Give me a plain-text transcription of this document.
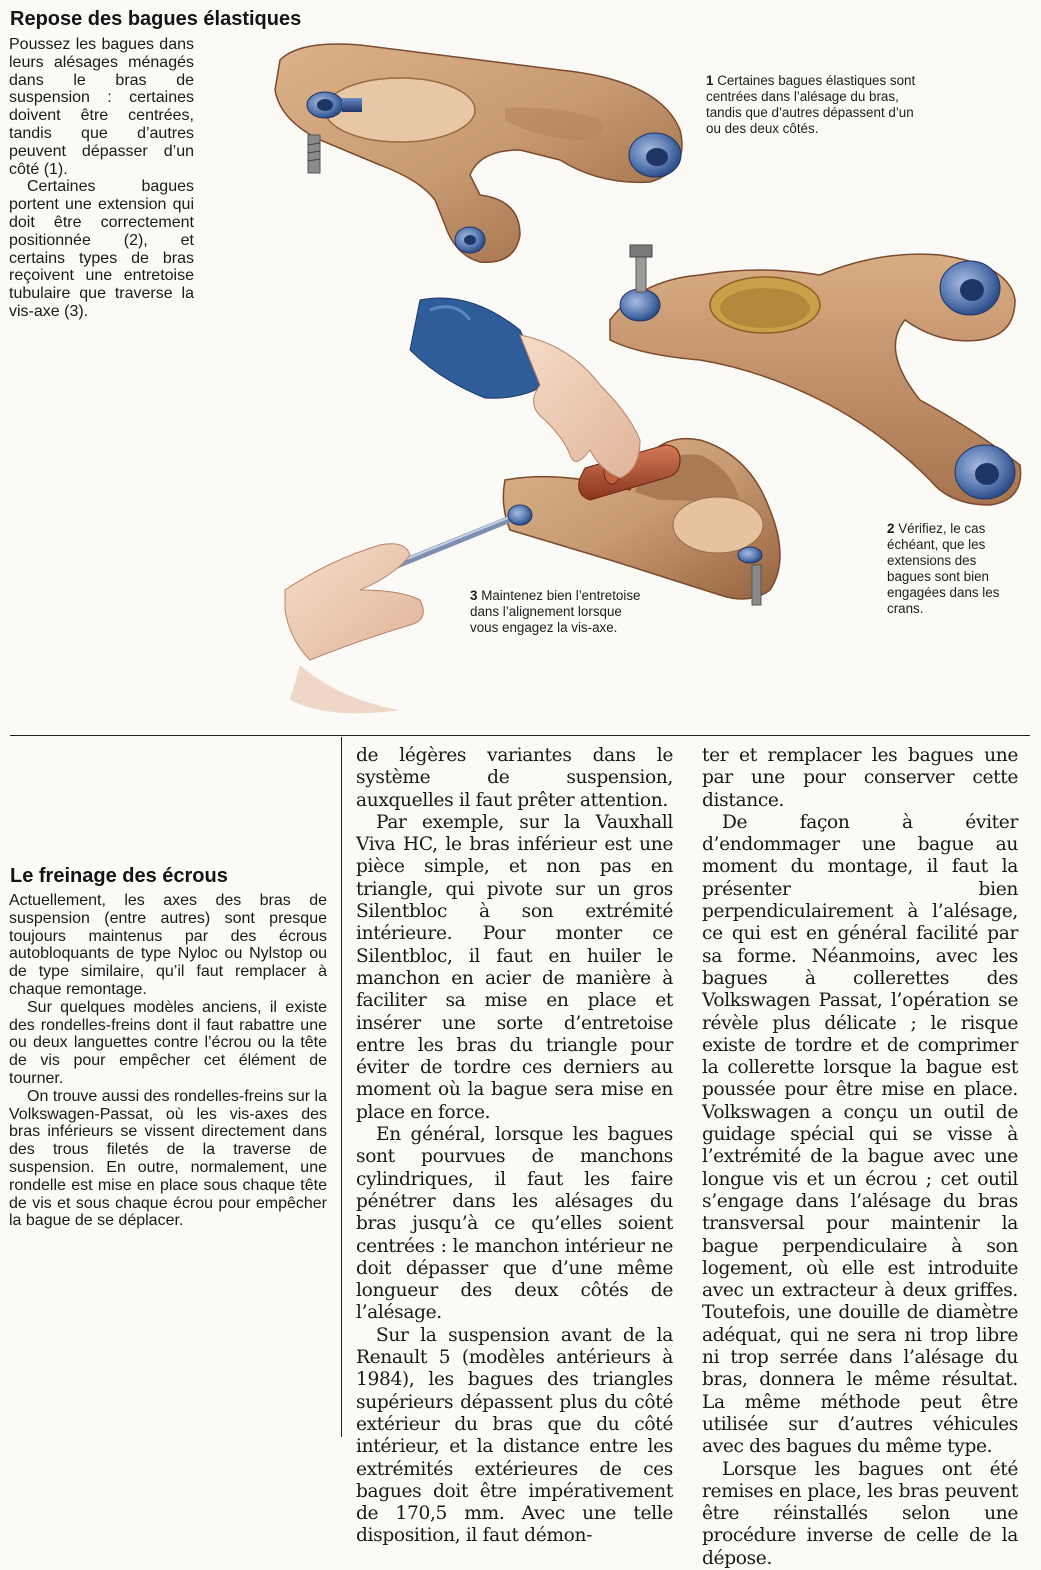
Repose des bagues élastiques

Poussez les bagues dans leurs alésages ménagés dans le bras de suspension : certaines doivent être centrées, tandis que d’autres peuvent dépasser d’un côté (1).

Certaines bagues portent une extension qui doit être correctement positionnée (2), et certains types de bras reçoivent une entretoise tubulaire que traverse la vis-axe (3).

1 Certaines bagues élastiques sont centrées dans l’alésage du bras, tandis que d’autres dépassent d’un ou des deux côtés.
2 Vérifiez, le cas échéant, que les extensions des bagues sont bien engagées dans les crans.
3 Maintenez bien l’entretoise dans l’alignement lorsque vous engagez la vis-axe.
Le freinage des écrous

Actuellement, les axes des bras de suspension (entre autres) sont presque toujours maintenus par des écrous autobloquants de type Nyloc ou Nylstop ou de type similaire, qu’il faut remplacer à chaque remontage.

Sur quelques modèles anciens, il existe des rondelles-freins dont il faut rabattre une ou deux languettes contre l’écrou ou la tête de vis pour empêcher cet élément de tourner.

On trouve aussi des rondelles-freins sur la Volkswagen-Passat, où les vis-axes des bras inférieurs se vissent directement dans des trous filetés de la traverse de suspension. En outre, normalement, une rondelle est mise en place sous chaque tête de vis et sous chaque écrou pour empêcher la bague de se déplacer.

de légères variantes dans le système de suspension, auxquelles il faut prêter attention.

Par exemple, sur la Vauxhall Viva HC, le bras inférieur est une pièce simple, et non pas en triangle, qui pivote sur un gros Silentbloc à son extrémité intérieure. Pour monter ce Silentbloc, il faut en huiler le manchon en acier de manière à faciliter sa mise en place et insérer une sorte d’entretoise entre les bras du triangle pour éviter de tordre ces derniers au moment où la bague sera mise en place en force.

En général, lorsque les bagues sont pourvues de manchons cylindriques, il faut les faire pénétrer dans les alésages du bras jusqu’à ce qu’elles soient centrées : le manchon intérieur ne doit dépasser que d’une même longueur des deux côtés de l’alésage.

Sur la suspension avant de la Renault 5 (modèles antérieurs à 1984), les bagues des triangles supérieurs dépassent plus du côté extérieur du bras que du côté intérieur, et la distance entre les extrémités extérieures de ces bagues doit être impérativement de 170,5 mm. Avec une telle disposition, il faut démon-

ter et remplacer les bagues une par une pour conserver cette distance.

De façon à éviter d’endommager une bague au moment du montage, il faut la présenter bien perpendiculairement à l’alésage, ce qui est en général facilité par sa forme. Néanmoins, avec les bagues à collerettes des Volkswagen Passat, l’opération se révèle plus délicate ; le risque existe de tordre et de comprimer la collerette lorsque la bague est poussée pour être mise en place. Volkswagen a conçu un outil de guidage spécial qui se visse à l’extrémité de la bague avec une longue vis et un écrou ; cet outil s’engage dans l’alésage du bras transversal pour maintenir la bague perpendiculaire à son logement, où elle est introduite avec un extracteur à deux griffes. Toutefois, une douille de diamètre adéquat, qui ne sera ni trop libre ni trop serrée dans l’alésage du bras, donnera le même résultat. La même méthode peut être utilisée sur d’autres véhicules avec des bagues du même type.

Lorsque les bagues ont été remises en place, les bras peuvent être réinstallés selon une procédure inverse de celle de la dépose.
